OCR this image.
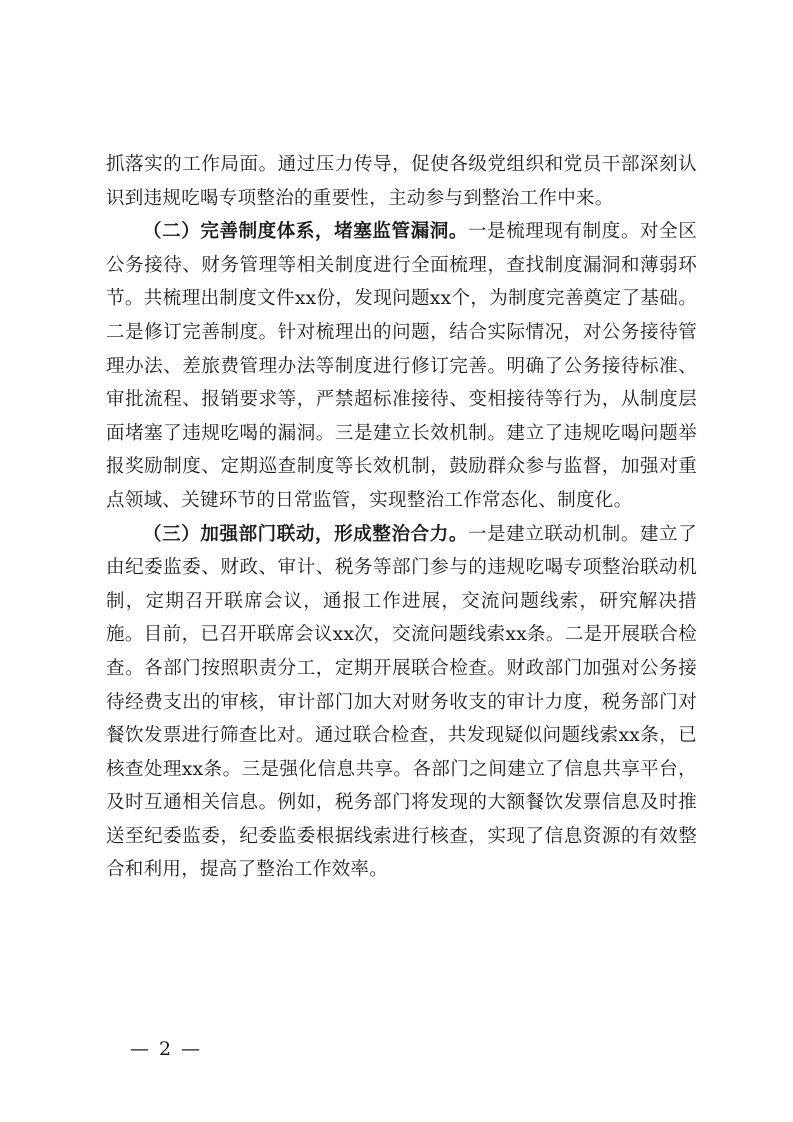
抓落实的工作局面。通过压力传导，促使各级党组织和党员干部深刻认识到违规吃喝专项整治的重要性，主动参与到整治工作中来。

（二）完善制度体系，堵塞监管漏洞。一是梳理现有制度。对全区公务接待、财务管理等相关制度进行全面梳理，查找制度漏洞和薄弱环节。共梳理出制度文件xx份，发现问题xx个，为制度完善奠定了基础。二是修订完善制度。针对梳理出的问题，结合实际情况，对公务接待管理办法、差旅费管理办法等制度进行修订完善。明确了公务接待标准、审批流程、报销要求等，严禁超标准接待、变相接待等行为，从制度层面堵塞了违规吃喝的漏洞。三是建立长效机制。建立了违规吃喝问题举报奖励制度、定期巡查制度等长效机制，鼓励群众参与监督，加强对重点领域、关键环节的日常监管，实现整治工作常态化、制度化。

（三）加强部门联动，形成整治合力。一是建立联动机制。建立了由纪委监委、财政、审计、税务等部门参与的违规吃喝专项整治联动机制，定期召开联席会议，通报工作进展，交流问题线索，研究解决措施。目前，已召开联席会议xx次，交流问题线索xx条。二是开展联合检查。各部门按照职责分工，定期开展联合检查。财政部门加强对公务接待经费支出的审核，审计部门加大对财务收支的审计力度，税务部门对餐饮发票进行筛查比对。通过联合检查，共发现疑似问题线索xx条，已核查处理xx条。三是强化信息共享。各部门之间建立了信息共享平台，及时互通相关信息。例如，税务部门将发现的大额餐饮发票信息及时推送至纪委监委，纪委监委根据线索进行核查，实现了信息资源的有效整合和利用，提高了整治工作效率。

— 2 —
